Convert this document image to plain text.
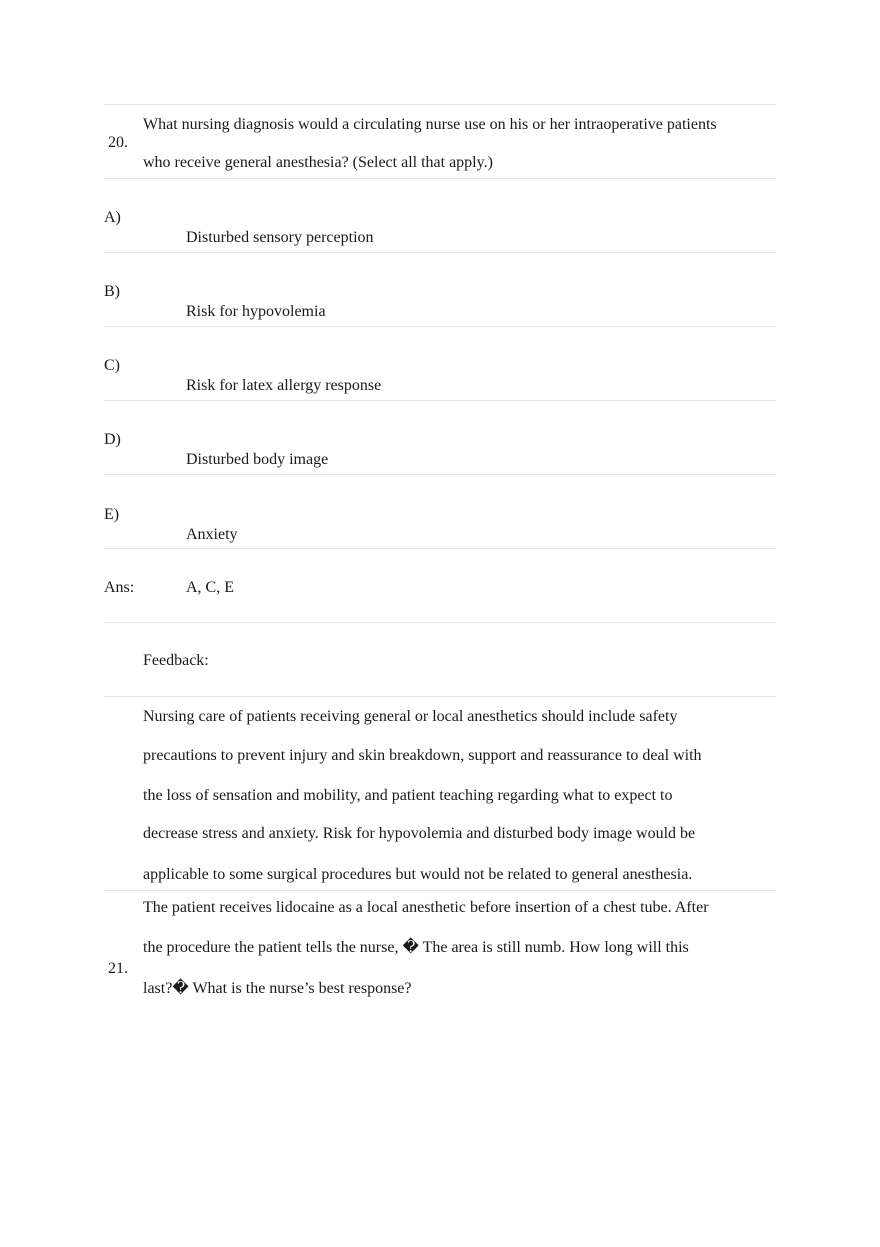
20.
What nursing diagnosis would a circulating nurse use on his or her intraoperative patients
who receive general anesthesia? (Select all that apply.)
A)
Disturbed sensory perception
B)
Risk for hypovolemia
C)
Risk for latex allergy response
D)
Disturbed body image
E)
Anxiety
Ans:	A, C, E
Feedback:
Nursing care of patients receiving general or local anesthetics should include safety
precautions to prevent injury and skin breakdown, support and reassurance to deal with
the loss of sensation and mobility, and patient teaching regarding what to expect to
decrease stress and anxiety. Risk for hypovolemia and disturbed body image would be
applicable to some surgical procedures but would not be related to general anesthesia.
21.
The patient receives lidocaine as a local anesthetic before insertion of a chest tube. After
the procedure the patient tells the nurse, � The area is still numb. How long will this
last?� What is the nurse’s best response?
